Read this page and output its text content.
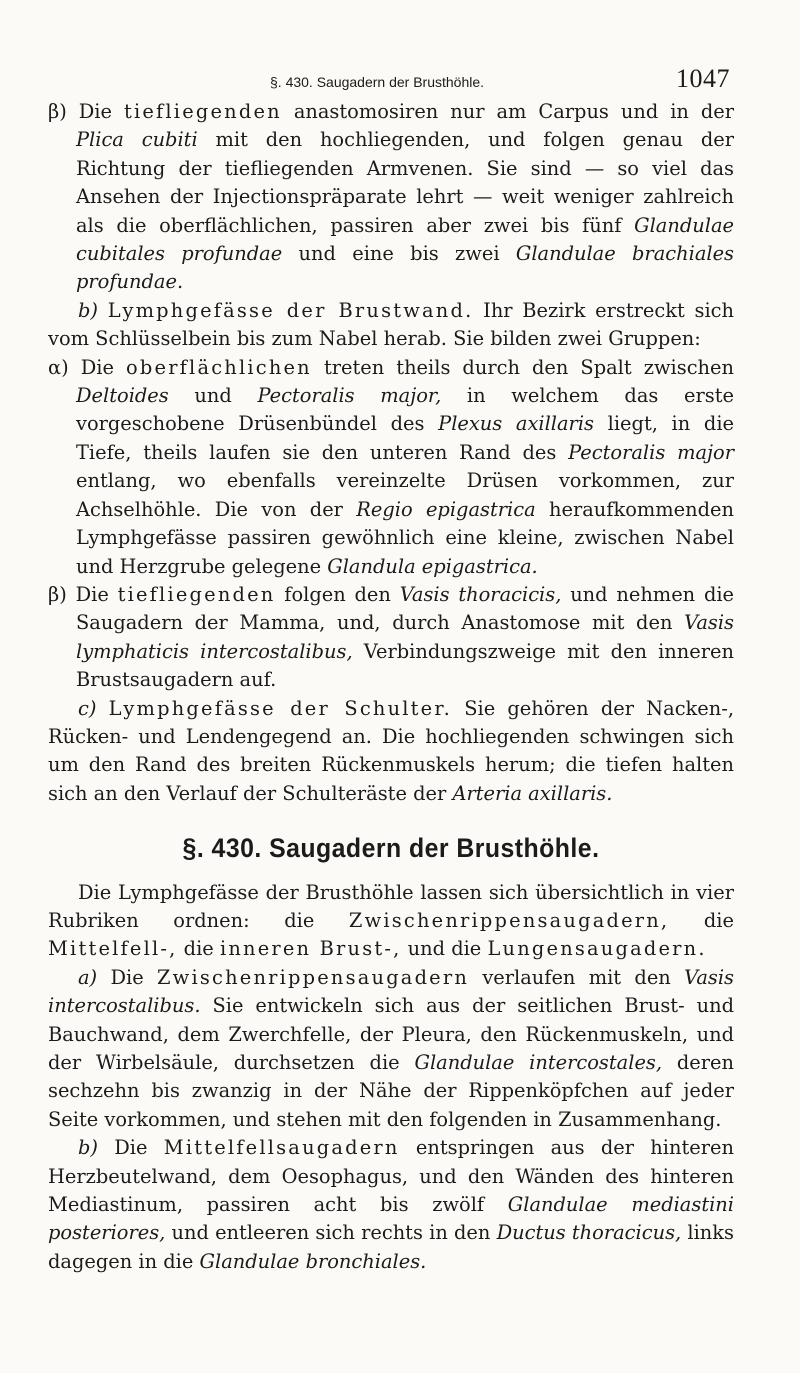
§. 430. Saugadern der Brusthöhle.	1047

β) Die tiefliegenden anastomosiren nur am Carpus und in der Plica cubiti mit den hochliegenden, und folgen genau der Richtung der tiefliegenden Armvenen. Sie sind — so viel das Ansehen der Injectionspräparate lehrt — weit weniger zahlreich als die oberflächlichen, passiren aber zwei bis fünf Glandulae cubitales profundae und eine bis zwei Glandulae brachiales profundae.

b) Lymphgefässe der Brustwand. Ihr Bezirk erstreckt sich vom Schlüsselbein bis zum Nabel herab. Sie bilden zwei Gruppen:

α) Die oberflächlichen treten theils durch den Spalt zwischen Deltoides und Pectoralis major, in welchem das erste vorgeschobene Drüsenbündel des Plexus axillaris liegt, in die Tiefe, theils laufen sie den unteren Rand des Pectoralis major entlang, wo ebenfalls vereinzelte Drüsen vorkommen, zur Achselhöhle. Die von der Regio epigastrica heraufkommenden Lymphgefässe passiren gewöhnlich eine kleine, zwischen Nabel und Herzgrube gelegene Glandula epigastrica.

β) Die tiefliegenden folgen den Vasis thoracicis, und nehmen die Saugadern der Mamma, und, durch Anastomose mit den Vasis lymphaticis intercostalibus, Verbindungszweige mit den inneren Brustsaugadern auf.

c) Lymphgefässe der Schulter. Sie gehören der Nacken-, Rücken- und Lendengegend an. Die hochliegenden schwingen sich um den Rand des breiten Rückenmuskels herum; die tiefen halten sich an den Verlauf der Schulteräste der Arteria axillaris.

§. 430. Saugadern der Brusthöhle.

Die Lymphgefässe der Brusthöhle lassen sich übersichtlich in vier Rubriken ordnen: die Zwischenrippensaugadern, die Mittelfell-, die inneren Brust-, und die Lungensaugadern.

a) Die Zwischenrippensaugadern verlaufen mit den Vasis intercostalibus. Sie entwickeln sich aus der seitlichen Brust- und Bauchwand, dem Zwerchfelle, der Pleura, den Rückenmuskeln, und der Wirbelsäule, durchsetzen die Glandulae intercostales, deren sechzehn bis zwanzig in der Nähe der Rippenköpfchen auf jeder Seite vorkommen, und stehen mit den folgenden in Zusammenhang.

b) Die Mittelfellsaugadern entspringen aus der hinteren Herzbeutelwand, dem Oesophagus, und den Wänden des hinteren Mediastinum, passiren acht bis zwölf Glandulae mediastini posteriores, und entleeren sich rechts in den Ductus thoracicus, links dagegen in die Glandulae bronchiales.
